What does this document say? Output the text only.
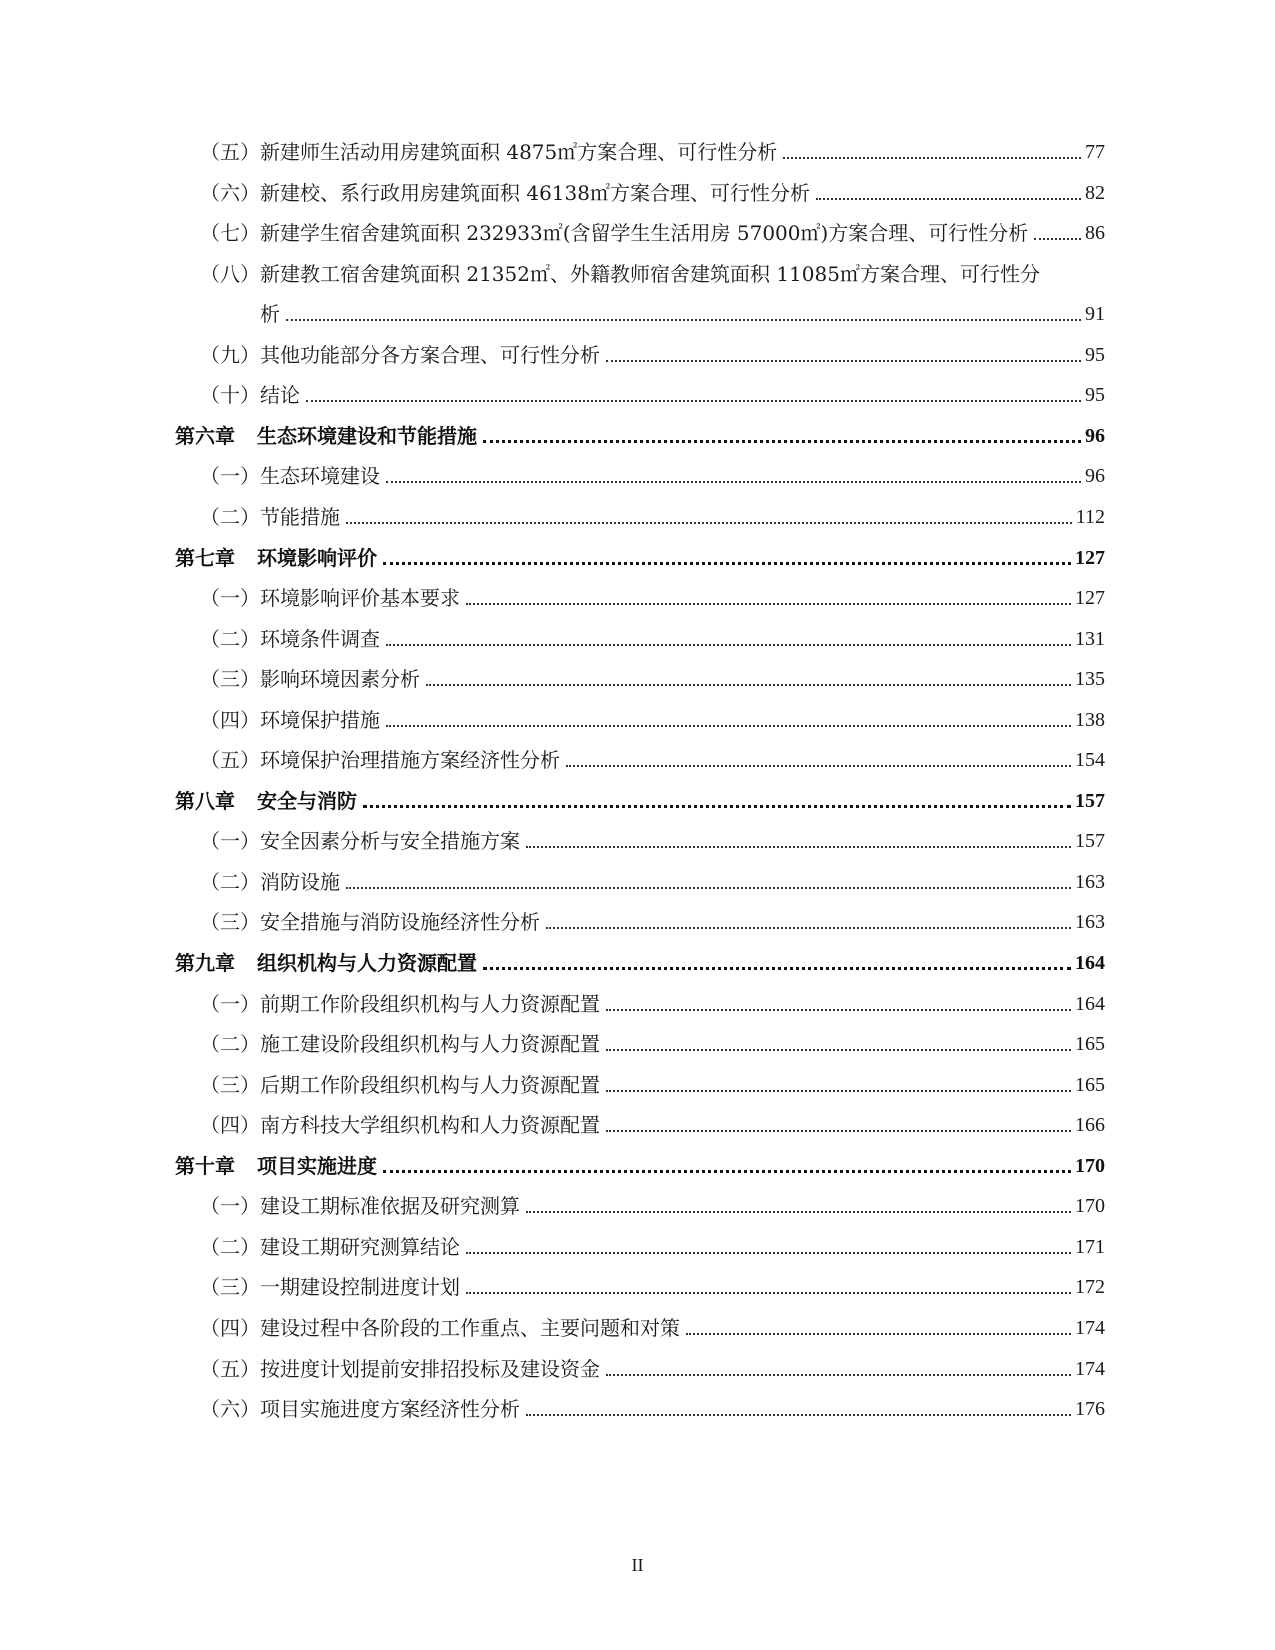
（五）新建师生活动用房建筑面积 4875㎡方案合理、可行性分析	77
（六）新建校、系行政用房建筑面积 46138㎡方案合理、可行性分析	82
（七）新建学生宿舍建筑面积 232933㎡(含留学生生活用房 57000㎡)方案合理、可行性分析	86
（八）新建教工宿舍建筑面积 21352㎡、外籍教师宿舍建筑面积 11085㎡方案合理、可行性分
析	91
（九）其他功能部分各方案合理、可行性分析	95
（十）结论	95
第六章 生态环境建设和节能措施	96
（一）生态环境建设	96
（二）节能措施	112
第七章 环境影响评价	127
（一）环境影响评价基本要求	127
（二）环境条件调查	131
（三）影响环境因素分析	135
（四）环境保护措施	138
（五）环境保护治理措施方案经济性分析	154
第八章 安全与消防	157
（一）安全因素分析与安全措施方案	157
（二）消防设施	163
（三）安全措施与消防设施经济性分析	163
第九章 组织机构与人力资源配置	164
（一）前期工作阶段组织机构与人力资源配置	164
（二）施工建设阶段组织机构与人力资源配置	165
（三）后期工作阶段组织机构与人力资源配置	165
（四）南方科技大学组织机构和人力资源配置	166
第十章 项目实施进度	170
（一）建设工期标准依据及研究测算	170
（二）建设工期研究测算结论	171
（三）一期建设控制进度计划	172
（四）建设过程中各阶段的工作重点、主要问题和对策	174
（五）按进度计划提前安排招投标及建设资金	174
（六）项目实施进度方案经济性分析	176
II
